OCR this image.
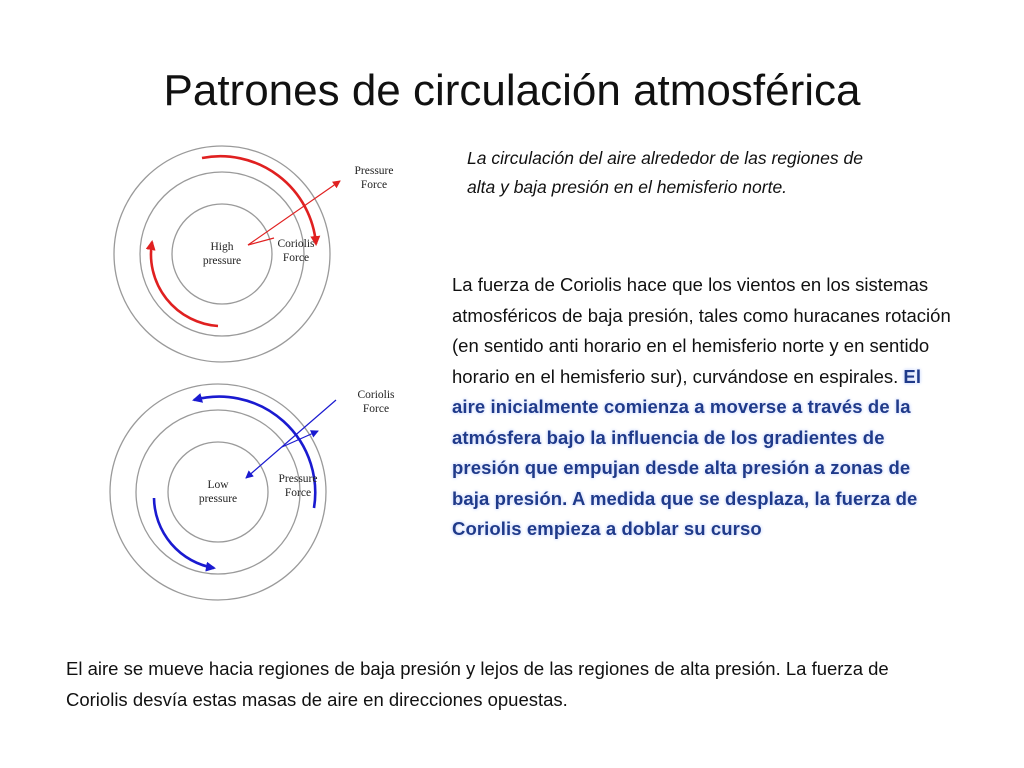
Patrones de circulación atmosférica
High
pressure
Pressure
Force
Coriolis
Force
Low
pressure
Coriolis
Force
Pressure
Force

La circulación del aire alrededor de las regiones de alta y baja presión en el hemisferio norte.

La fuerza de Coriolis hace que los vientos en los sistemas atmosféricos de baja presión, tales como huracanes rotación (en sentido anti horario en el hemisferio norte y en sentido horario en el hemisferio sur), curvándose en espirales. El aire inicialmente comienza a moverse a través de la atmósfera bajo la influencia de los gradientes de presión que empujan desde alta presión a zonas de baja presión. A medida que se desplaza, la fuerza de Coriolis empieza a doblar su curso

El aire se mueve hacia regiones de baja presión y lejos de las regiones de alta presión. La fuerza de Coriolis desvía estas masas de aire en direcciones opuestas.
